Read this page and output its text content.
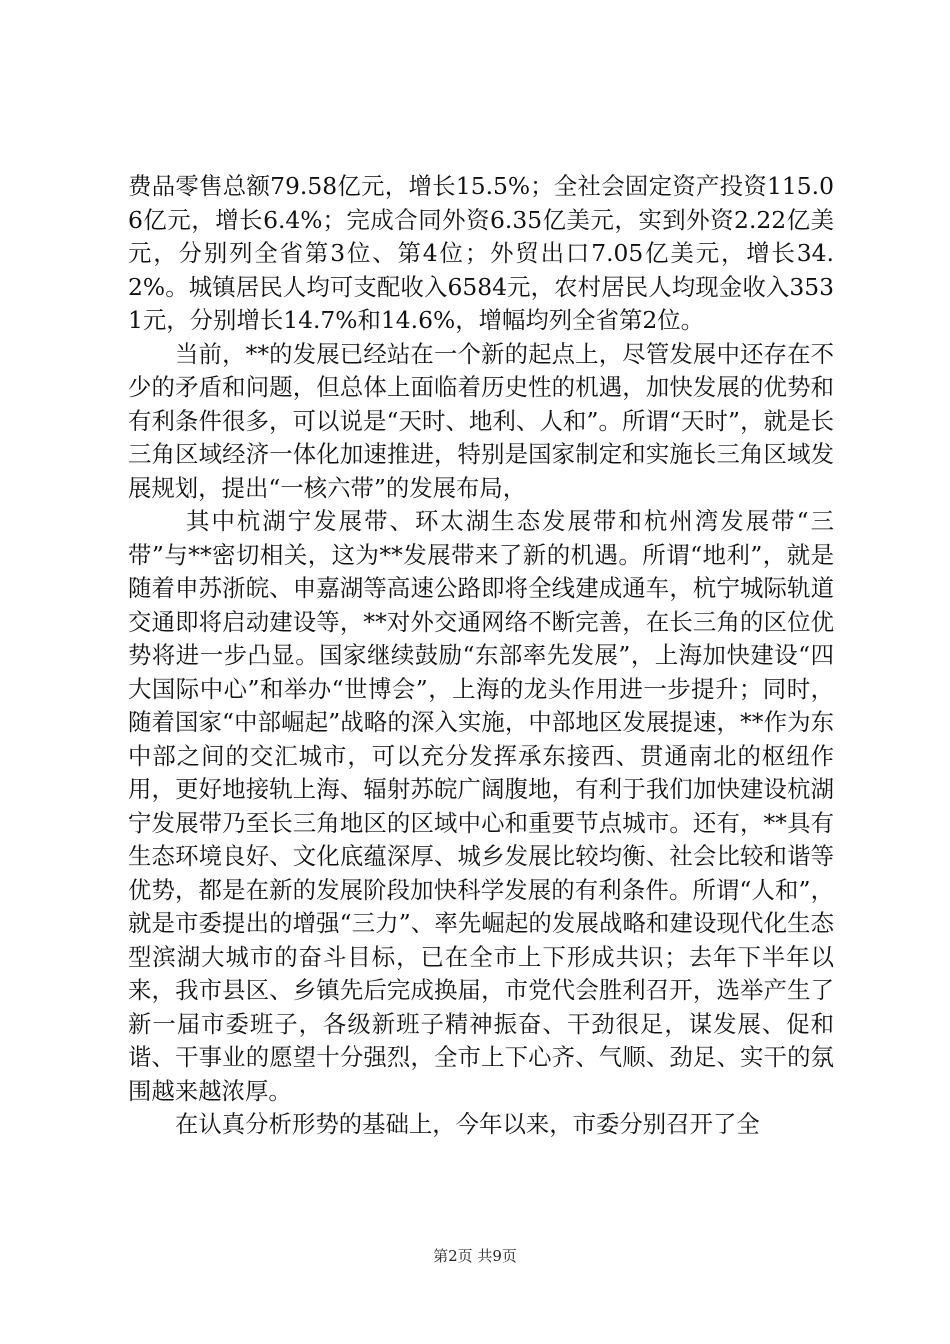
费品零售总额79.58亿元，增长15.5%；全社会固定资产投资115.06亿元，增长6.4%；完成合同外资6.35亿美元，实到外资2.22亿美元，分别列全省第3位、第4位；外贸出口7.05亿美元，增长34.2%。城镇居民人均可支配收入6584元，农村居民人均现金收入3531元，分别增长14.7%和14.6%，增幅均列全省第2位。

当前，**的发展已经站在一个新的起点上，尽管发展中还存在不少的矛盾和问题，但总体上面临着历史性的机遇，加快发展的优势和有利条件很多，可以说是“天时、地利、人和”。所谓“天时”，就是长三角区域经济一体化加速推进，特别是国家制定和实施长三角区域发展规划，提出“一核六带”的发展布局，

其中杭湖宁发展带、环太湖生态发展带和杭州湾发展带“三带”与**密切相关，这为**发展带来了新的机遇。所谓“地利”，就是随着申苏浙皖、申嘉湖等高速公路即将全线建成通车，杭宁城际轨道交通即将启动建设等，**对外交通网络不断完善，在长三角的区位优势将进一步凸显。国家继续鼓励“东部率先发展”，上海加快建设“四大国际中心”和举办“世博会”，上海的龙头作用进一步提升；同时，随着国家“中部崛起”战略的深入实施，中部地区发展提速，**作为东中部之间的交汇城市，可以充分发挥承东接西、贯通南北的枢纽作用，更好地接轨上海、辐射苏皖广阔腹地，有利于我们加快建设杭湖宁发展带乃至长三角地区的区域中心和重要节点城市。还有，**具有生态环境良好、文化底蕴深厚、城乡发展比较均衡、社会比较和谐等优势，都是在新的发展阶段加快科学发展的有利条件。所谓“人和”，就是市委提出的增强“三力”、率先崛起的发展战略和建设现代化生态型滨湖大城市的奋斗目标，已在全市上下形成共识；去年下半年以来，我市县区、乡镇先后完成换届，市党代会胜利召开，选举产生了新一届市委班子，各级新班子精神振奋、干劲很足，谋发展、促和谐、干事业的愿望十分强烈，全市上下心齐、气顺、劲足、实干的氛围越来越浓厚。

在认真分析形势的基础上，今年以来，市委分别召开了全

第2页 共9页
